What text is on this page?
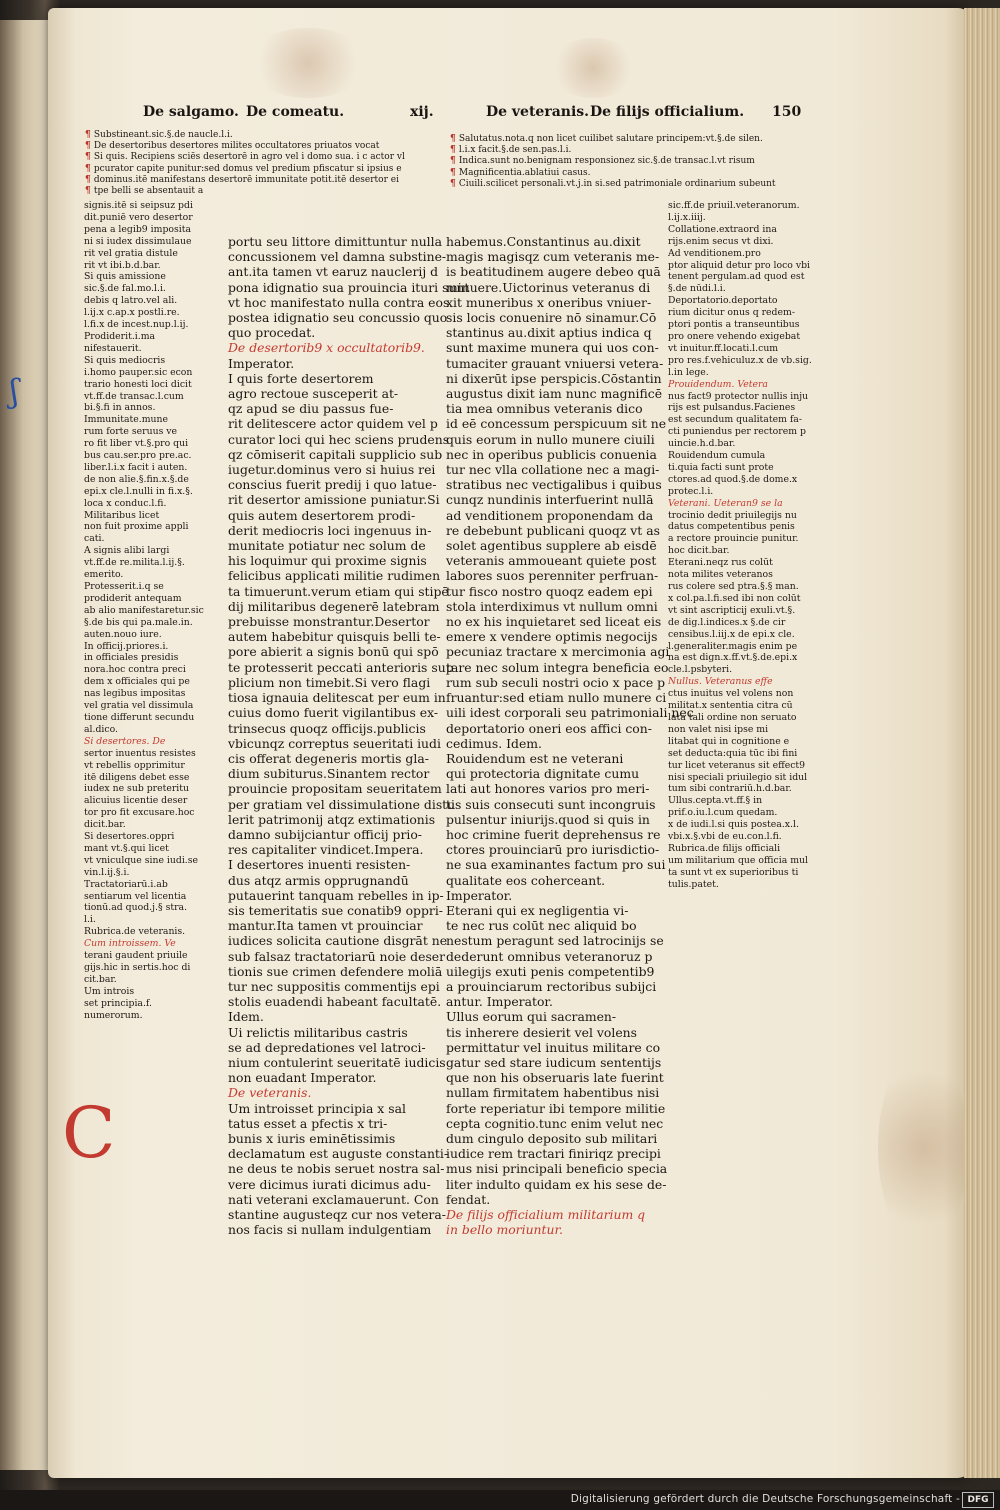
De salgamo. De comeatu.	xij.	De veteranis. De filijs officialium. 150
¶ Substineant.sic.§.de naucle.l.i.
¶ De desertoribus desertores milites occultatores priuatos vocat
¶ Si quis. Recipiens sciēs desertorē in agro vel i domo sua. i c actor vl
¶ pcurator capite punitur:sed domus vel predium pfiscatur si ipsius e
¶ dominus.itē manifestans desertorē immunitate potit.itē desertor ei
¶ tpe belli se absentauit a
¶ Salutatus.nota.q non licet cuilibet salutare principem:vt.§.de silen.
¶ l.i.x facit.§.de sen.pas.l.i.
¶ Indica.sunt no.benignam responsionez sic.§.de transac.l.vt risum
¶ Magnificentia.ablatiui casus.
¶ Ciuili.scilicet personali.vt.j.in si.sed patrimoniale ordinarium subeunt
signis.itē si seipsuz pdi
dit.puniē vero desertor
pena a legib9 imposita
ni si iudex dissimulaue
rit vel gratia distule
rit vt ibi.b.d.bar.
Si quis amissione
sic.§.de fal.mo.l.i.
debis q latro.vel ali.
l.ij.x c.ap.x postli.re.
l.fi.x de incest.nup.l.ij.
Prodiderit.i.ma
nifestauerit.
Si quis mediocris
i.homo pauper.sic econ
trario honesti loci dicit
vt.ff.de transac.l.cum
bi.§.fi in annos.
Immunitate.mune
rum forte seruus ve
ro fit liber vt.§.pro qui
bus cau.ser.pro pre.ac.
liber.l.i.x facit i auten.
de non alie.§.fin.x.§.de
epi.x cle.l.nulli in fi.x.§.
loca x conduc.l.fi.
Militaribus licet
non fuit proxime appli
cati.
A signis alibi largi
vt.ff.de re.milita.l.ij.§.
emerito.
Protesserit.i.q se
prodiderit antequam
ab alio manifestaretur.sic
§.de bis qui pa.male.in.
auten.nouo iure.
In officij.priores.i.
in officiales presidis
nora.hoc contra preci
dem x officiales qui pe
nas legibus impositas
vel gratia vel dissimula
tione differunt secundu
al.dico.
Si desertores. De
sertor inuentus resistes
vt rebellis opprimitur
itē diligens debet esse
iudex ne sub preteritu
alicuius licentie deser
tor pro fit excusare.hoc
dicit.bar.
Si desertores.oppri
mant vt.§.qui licet
vt vniculque sine iudi.se
vin.l.ij.§.i.
Tractatoriarū.i.ab
sentiarum vel licentia
tionū.ad quod.j.§ stra.
l.i.
Rubrica.de veteranis.
Cum introissem. Ve
terani gaudent priuile
gijs.hic in sertis.hoc di
cit.bar.
Um introis
set principia.f.
numerorum.
portu seu littore dimittuntur nulla
concussionem vel damna substine-
ant.ita tamen vt earuz nauclerij d
pona idignatio sua prouincia ituri sunt
vt hoc manifestato nulla contra eos
postea idignatio seu concussio quo
quo procedat.
De desertorib9 x occultatorib9.
Imperator.
I quis forte desertorem
agro rectoue susceperit at-
qz apud se diu passus fue-
rit delitescere actor quidem vel p
curator loci qui hec sciens prudens
qz cōmiserit capitali supplicio sub
iugetur.dominus vero si huius rei
conscius fuerit predij i quo latue-
rit desertor amissione puniatur.Si
quis autem desertorem prodi-
derit mediocris loci ingenuus in-
munitate potiatur nec solum de
his loquimur qui proxime signis
felicibus applicati militie rudimen
ta timuerunt.verum etiam qui stipē
dij militaribus degenerē latebram
prebuisse monstrantur.Desertor
autem habebitur quisquis belli te-
pore abierit a signis bonū qui spō
te protesserit peccati anterioris sup
plicium non timebit.Si vero flagi
tiosa ignauia delitescat per eum in
cuius domo fuerit vigilantibus ex-
trinsecus quoqz officijs.publicis
vbicunqz correptus seueritati iudi
cis offerat degeneris mortis gla-
dium subiturus.Sinantem rector
prouincie propositam seueritatem
per gratiam vel dissimulatione distu
lerit patrimonij atqz extimationis
damno subijciantur officij prio-
res capitaliter vindicet.Impera.
I desertores inuenti resisten-
dus atqz armis opprugnandū
putauerint tanquam rebelles in ip-
sis temeritatis sue conatib9 oppri-
mantur.Ita tamen vt prouinciar
iudices solicita cautione disgrāt ne
sub falsaz tractatoriarū noie deser
tionis sue crimen defendere moliā
tur nec suppositis commentijs epi
stolis euadendi habeant facultatē.
Idem.
Ui relictis militaribus castris
se ad depredationes vel latroci-
nium contulerint seueritatē iudicis
non euadant Imperator.
De veteranis.
Um introisset principia x sal
tatus esset a pfectis x tri-
bunis x iuris eminētissimis
declamatum est auguste constanti-
ne deus te nobis seruet nostra sal-
vere dicimus iurati dicimus adu-
nati veterani exclamauerunt. Con
stantine augusteqz cur nos vetera-
nos facis si nullam indulgentiam
habemus.Constantinus au.dixit
magis magisqz cum veteranis me-
is beatitudinem augere debeo quā
minuere.Uictorinus veteranus di
xit muneribus x oneribus vniuer-
sis locis conuenire nō sinamur.Cō
stantinus au.dixit aptius indica q
sunt maxime munera qui uos con-
tumaciter grauant vniuersi vetera-
ni dixerūt ipse perspicis.Cōstantin
augustus dixit iam nunc magnificē
tia mea omnibus veteranis dico
id eē concessum perspicuum sit ne
quis eorum in nullo munere ciuili
nec in operibus publicis conuenia
tur nec vlla collatione nec a magi-
stratibus nec vectigalibus i quibus
cunqz nundinis interfuerint nullā
ad venditionem proponendam da
re debebunt publicani quoqz vt as
solet agentibus supplere ab eisdē
veteranis ammoueant quiete post
labores suos perenniter perfruan-
tur fisco nostro quoqz eadem epi
stola interdiximus vt nullum omni
no ex his inquietaret sed liceat eis
emere x vendere optimis negocijs
pecuniaz tractare x mercimonia agi
tare nec solum integra beneficia eo
rum sub seculi nostri ocio x pace p
fruantur:sed etiam nullo munere ci
uili idest corporali seu patrimoniali nec
deportatorio oneri eos affici con-
cedimus. Idem.
Rouidendum est ne veterani
qui protectoria dignitate cumu
lati aut honores varios pro meri-
tis suis consecuti sunt incongruis
pulsentur iniurijs.quod si quis in
hoc crimine fuerit deprehensus re
ctores prouinciarū pro iurisdictio-
ne sua examinantes factum pro sui
qualitate eos coherceant.
Imperator.
Eterani qui ex negligentia vi-
te nec rus colūt nec aliquid bo
nestum peragunt sed latrocinijs se
dederunt omnibus veteranoruz p
uilegijs exuti penis competentib9
a prouinciarum rectoribus subijci
antur. Imperator.
Ullus eorum qui sacramen-
tis inherere desierit vel volens
permittatur vel inuitus militare co
gatur sed stare iudicum sententijs
que non his obseruaris late fuerint
nullam firmitatem habentibus nisi
forte reperiatur ibi tempore militie
cepta cognitio.tunc enim velut nec
dum cingulo deposito sub militari
iudice rem tractari finiriqz precipi
mus nisi principali beneficio specia
liter indulto quidam ex his sese de-
fendat.
De filijs officialium militarium q
in bello moriuntur.
sic.ff.de priuil.veteranorum.
l.ij.x.iiij.
Collatione.extraord ina
rijs.enim secus vt dixi.
Ad venditionem.pro
ptor aliquid detur pro loco vbi
tenent pergulam.ad quod est
§.de nūdi.l.i.
Deportatorio.deportato
rium dicitur onus q redem-
ptori pontis a transeuntibus
pro onere vehendo exigebat
vt inuitur.ff.locati.l.cum
pro res.f.vehiculuz.x de vb.sig.
l.in lege.
Prouidendum. Vetera
nus fact9 protector nullis inju
rijs est pulsandus.Facienes
est secundum qualitatem fa-
cti puniendus per rectorem p
uincie.h.d.bar.
Rouidendum cumula
ti.quia facti sunt prote
ctores.ad quod.§.de dome.x
protec.l.i.
Veterani. Ueteran9 se la
trocinio dedit priuilegijs nu
datus competentibus penis
a rectore prouincie punitur.
hoc dicit.bar.
Eterani.neqz rus colūt
nota milites veteranos
rus colere sed ptra.§.§ man.
x col.pa.l.fi.sed ibi non colūt
vt sint ascripticij exuli.vt.§.
de dig.l.indices.x §.de cir
censibus.l.iij.x de epi.x cle.
l.generaliter.magis enim pe
na est dign.x.ff.vt.§.de.epi.x
cle.l.psbyteri.
Nullus. Veteranus effe
ctus inuitus vel volens non
militat.x sententia citra cū
lata tali ordine non seruato
non valet nisi ipse mi
litabat qui in cognitione e
set deducta:quia tūc ibi fini
tur licet veteranus sit effect9
nisi speciali priuilegio sit idul
tum sibi contrariū.h.d.bar.
Ullus.cepta.vt.ff.§ in
prif.o.iu.l.cum quedam.
x de iudi.l.si quis postea.x.l.
vbi.x.§.vbi de eu.con.l.fi.
Rubrica.de filijs officiali
um militarium que officia mul
ta sunt vt ex superioribus ti
tulis.patet.
C
ʃ
Digitalisierung gefördert durch die Deutsche Forschungsgemeinschaft - DFG
